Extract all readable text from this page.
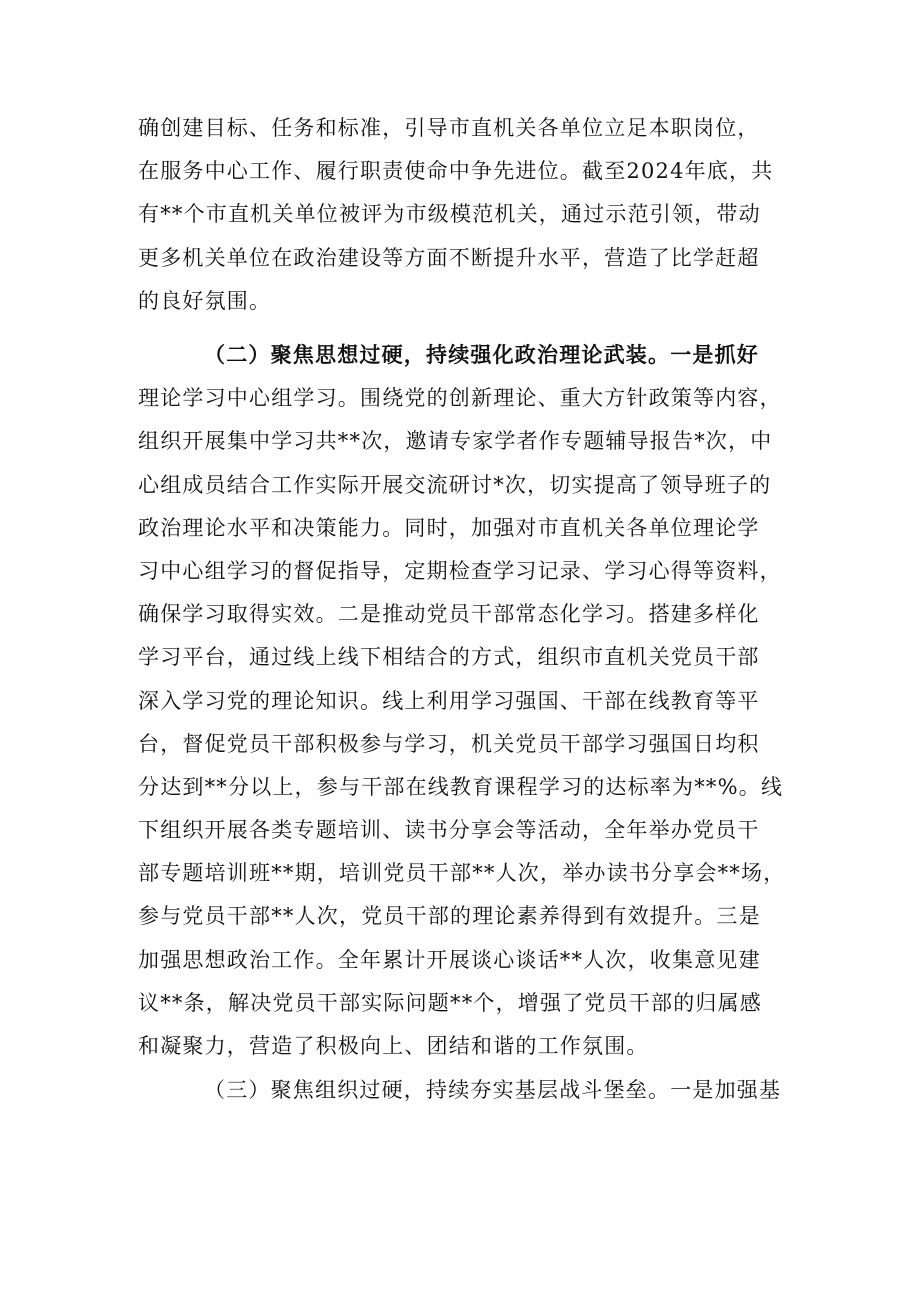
确创建目标、任务和标准，引导市直机关各单位立足本职岗位，
在服务中心工作、履行职责使命中争先进位。截至2024年底，共
有**个市直机关单位被评为市级模范机关，通过示范引领，带动
更多机关单位在政治建设等方面不断提升水平，营造了比学赶超
的良好氛围。
（二）聚焦思想过硬，持续强化政治理论武装。一是抓好
理论学习中心组学习。围绕党的创新理论、重大方针政策等内容，
组织开展集中学习共**次，邀请专家学者作专题辅导报告*次，中
心组成员结合工作实际开展交流研讨*次，切实提高了领导班子的
政治理论水平和决策能力。同时，加强对市直机关各单位理论学
习中心组学习的督促指导，定期检查学习记录、学习心得等资料，
确保学习取得实效。二是推动党员干部常态化学习。搭建多样化
学习平台，通过线上线下相结合的方式，组织市直机关党员干部
深入学习党的理论知识。线上利用学习强国、干部在线教育等平
台，督促党员干部积极参与学习，机关党员干部学习强国日均积
分达到**分以上，参与干部在线教育课程学习的达标率为**%。线
下组织开展各类专题培训、读书分享会等活动，全年举办党员干
部专题培训班**期，培训党员干部**人次，举办读书分享会**场，
参与党员干部**人次，党员干部的理论素养得到有效提升。三是
加强思想政治工作。全年累计开展谈心谈话**人次，收集意见建
议**条，解决党员干部实际问题**个，增强了党员干部的归属感
和凝聚力，营造了积极向上、团结和谐的工作氛围。
（三）聚焦组织过硬，持续夯实基层战斗堡垒。一是加强基
